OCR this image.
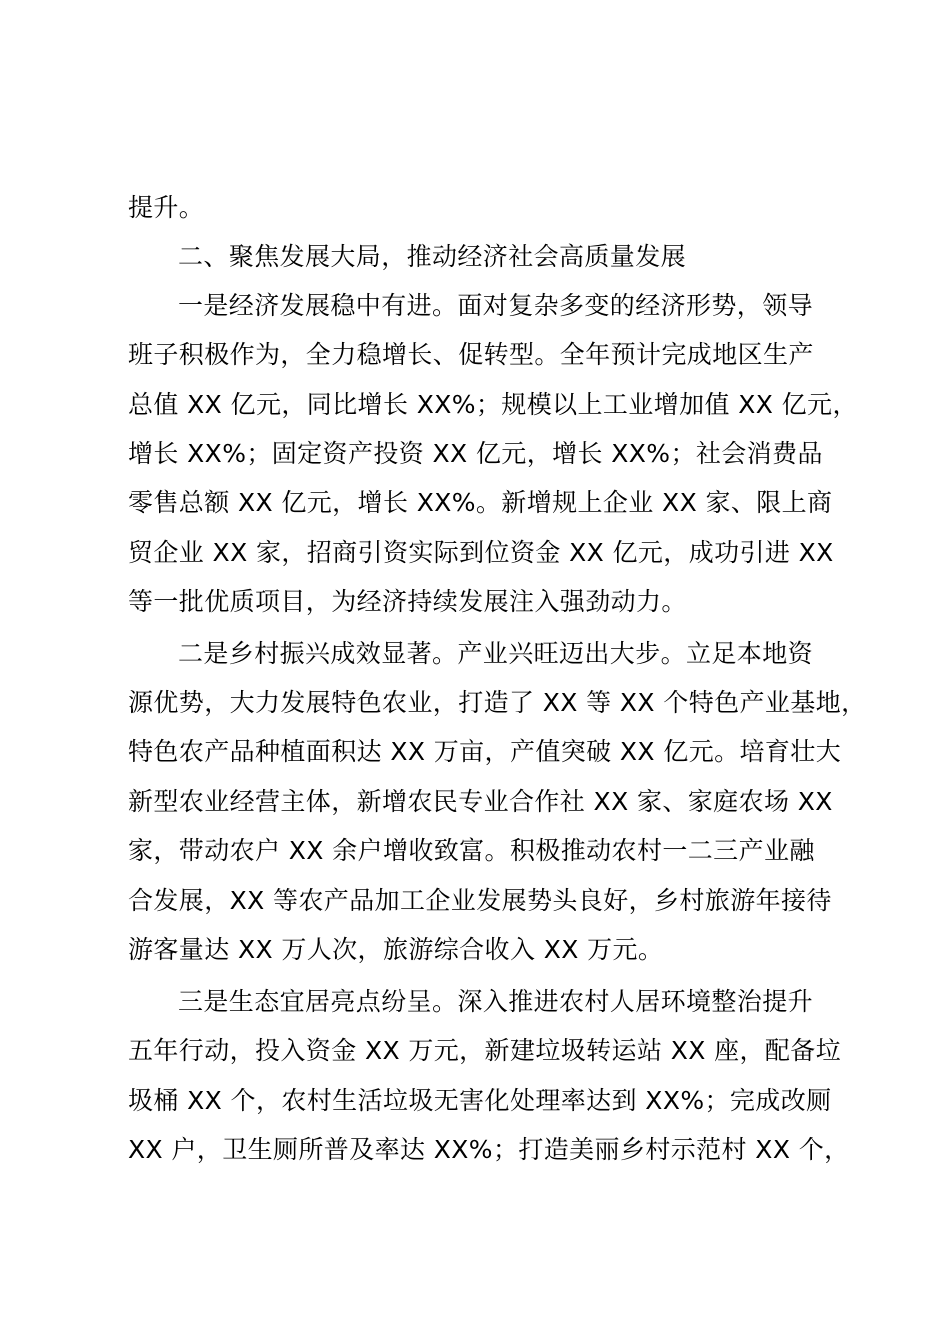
提升。
二、聚焦发展大局，推动经济社会高质量发展
一是经济发展稳中有进。面对复杂多变的经济形势，领导
班子积极作为，全力稳增长、促转型。全年预计完成地区生产
总值 XX 亿元，同比增长 XX%；规模以上工业增加值 XX 亿元，
增长 XX%；固定资产投资 XX 亿元，增长 XX%；社会消费品
零售总额 XX 亿元，增长 XX%。新增规上企业 XX 家、限上商
贸企业 XX 家，招商引资实际到位资金 XX 亿元，成功引进 XX
等一批优质项目，为经济持续发展注入强劲动力。
二是乡村振兴成效显著。产业兴旺迈出大步。立足本地资
源优势，大力发展特色农业，打造了 XX 等 XX 个特色产业基地，
特色农产品种植面积达 XX 万亩，产值突破 XX 亿元。培育壮大
新型农业经营主体，新增农民专业合作社 XX 家、家庭农场 XX
家，带动农户 XX 余户增收致富。积极推动农村一二三产业融
合发展，XX 等农产品加工企业发展势头良好，乡村旅游年接待
游客量达 XX 万人次，旅游综合收入 XX 万元。
三是生态宜居亮点纷呈。深入推进农村人居环境整治提升
五年行动，投入资金 XX 万元，新建垃圾转运站 XX 座，配备垃
圾桶 XX 个，农村生活垃圾无害化处理率达到 XX%；完成改厕
XX 户，卫生厕所普及率达 XX%；打造美丽乡村示范村 XX 个，
